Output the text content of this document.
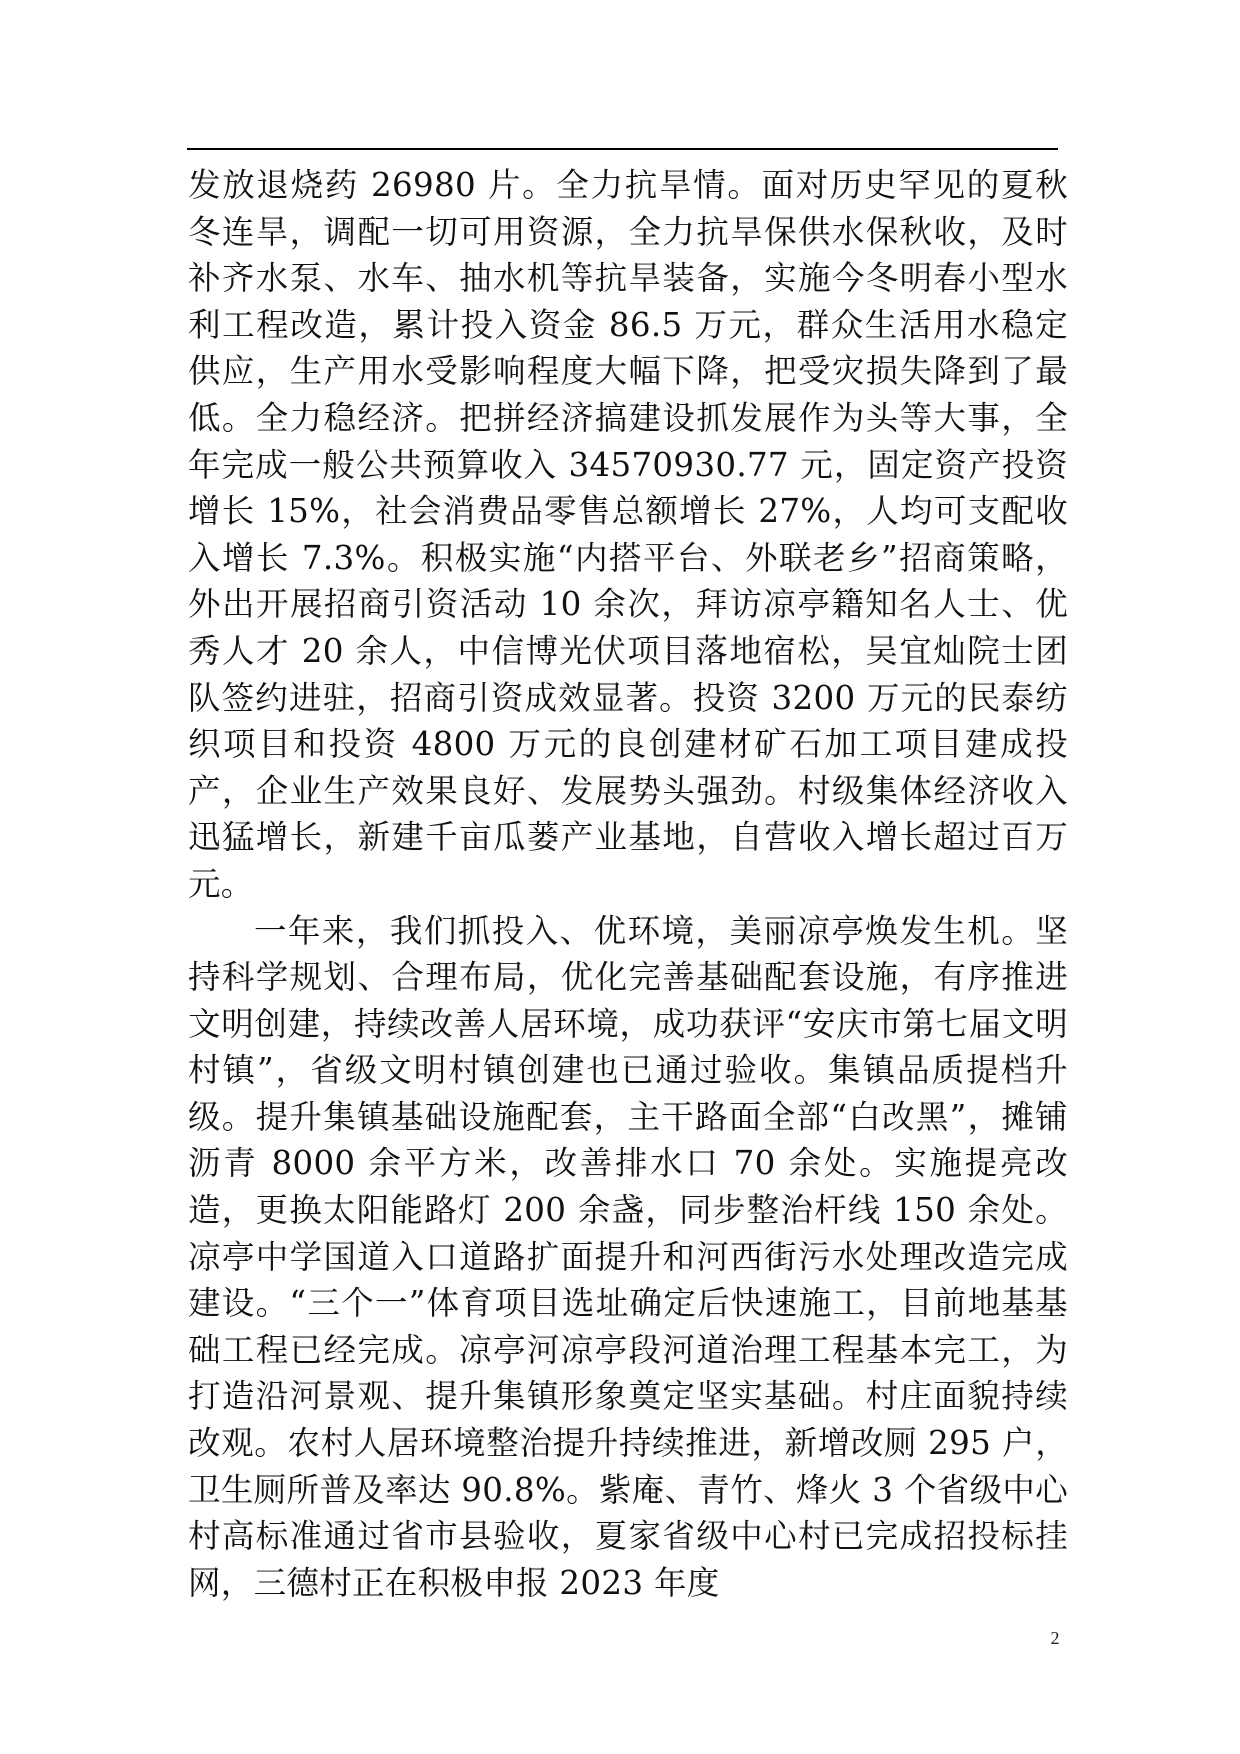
发放退烧药 26980 片。全力抗旱情。面对历史罕见的夏秋冬连旱，调配一切可用资源，全力抗旱保供水保秋收，及时补齐水泵、水车、抽水机等抗旱装备，实施今冬明春小型水利工程改造，累计投入资金 86.5 万元，群众生活用水稳定供应，生产用水受影响程度大幅下降，把受灾损失降到了最低。全力稳经济。把拼经济搞建设抓发展作为头等大事，全年完成一般公共预算收入 34570930.77 元，固定资产投资增长 15%，社会消费品零售总额增长 27%，人均可支配收入增长 7.3%。积极实施“内搭平台、外联老乡”招商策略，外出开展招商引资活动 10 余次，拜访凉亭籍知名人士、优秀人才 20 余人，中信博光伏项目落地宿松，吴宜灿院士团队签约进驻，招商引资成效显著。投资 3200 万元的民泰纺织项目和投资 4800 万元的良创建材矿石加工项目建成投产，企业生产效果良好、发展势头强劲。村级集体经济收入迅猛增长，新建千亩瓜蒌产业基地，自营收入增长超过百万元。

一年来，我们抓投入、优环境，美丽凉亭焕发生机。坚持科学规划、合理布局，优化完善基础配套设施，有序推进文明创建，持续改善人居环境，成功获评“安庆市第七届文明村镇”，省级文明村镇创建也已通过验收。集镇品质提档升级。提升集镇基础设施配套，主干路面全部“白改黑”，摊铺沥青 8000 余平方米，改善排水口 70 余处。实施提亮改造，更换太阳能路灯 200 余盏，同步整治杆线 150 余处。凉亭中学国道入口道路扩面提升和河西街污水处理改造完成建设。“三个一”体育项目选址确定后快速施工，目前地基基础工程已经完成。凉亭河凉亭段河道治理工程基本完工，为打造沿河景观、提升集镇形象奠定坚实基础。村庄面貌持续改观。农村人居环境整治提升持续推进，新增改厕 295 户，卫生厕所普及率达 90.8%。紫庵、青竹、烽火 3 个省级中心村高标准通过省市县验收，夏家省级中心村已完成招投标挂网，三德村正在积极申报 2023 年度

2
